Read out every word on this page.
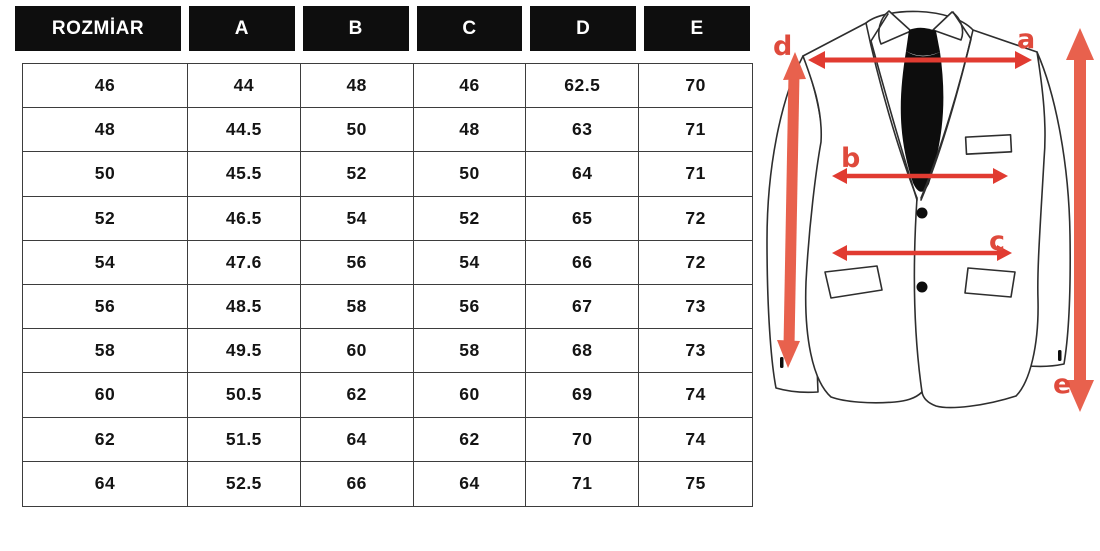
ROZMİAR	A	B	C	D	E
46	44	48	46	62.5	70
48	44.5	50	48	63	71
50	45.5	52	50	64	71
52	46.5	54	52	65	72
54	47.6	56	54	66	72
56	48.5	58	56	67	73
58	49.5	60	58	68	73
60	50.5	62	60	69	74
62	51.5	64	62	70	74
64	52.5	66	64	71	75
a
b
c
d
e
